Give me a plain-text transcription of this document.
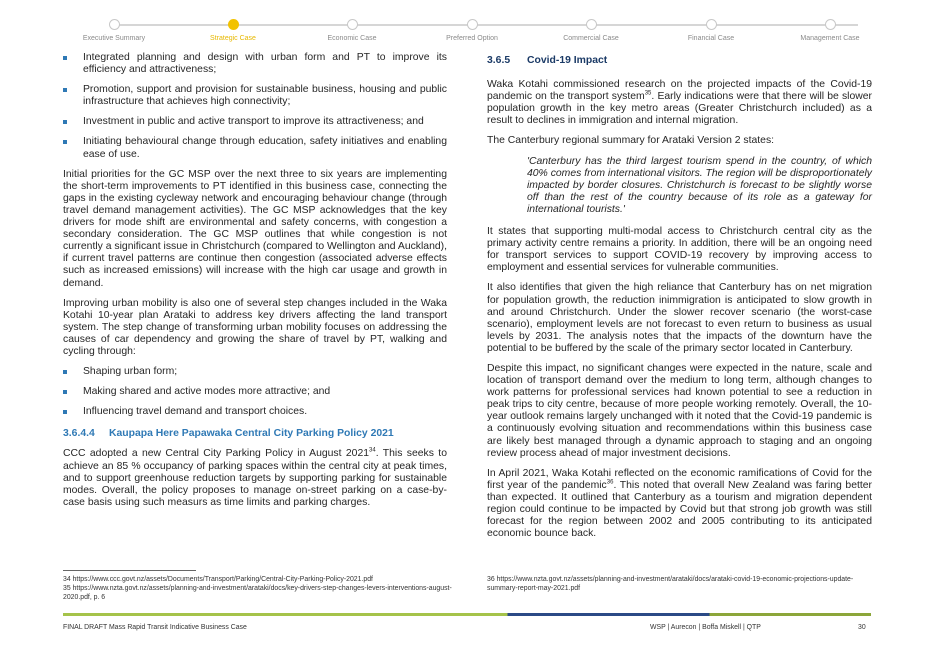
Executive Summary	Strategic Case	Economic Case	Preferred Option	Commercial Case	Financial Case	Management Case
Integrated planning and design with urban form and PT to improve its efficiency and attractiveness;
Promotion, support and provision for sustainable business, housing and public infrastructure that achieves high connectivity;
Investment in public and active transport to improve its attractiveness; and
Initiating behavioural change through education, safety initiatives and enabling ease of use.

Initial priorities for the GC MSP over the next three to six years are implementing the short-term improvements to PT identified in this business case, connecting the gaps in the existing cycleway network and encouraging behaviour change (through travel demand management activities). The GC MSP acknowledges that the key drivers for mode shift are environmental and safety concerns, with congestion a secondary consideration. The GC MSP outlines that while congestion is not currently a significant issue in Christchurch (compared to Wellington and Auckland), if current travel patterns are continue then congestion (associated adverse effects such as increased emissions) will increase with the high car usage and growth in demand.

Improving urban mobility is also one of several step changes included in the Waka Kotahi 10-year plan Arataki to address key drivers affecting the land transport system. The step change of transforming urban mobility focuses on addressing the causes of car dependency and growing the share of travel by PT, walking and cycling through:

Shaping urban form;
Making shared and active modes more attractive; and
Influencing travel demand and transport choices.
3.6.4.4 Kaupapa Here Papawaka Central City Parking Policy 2021

CCC adopted a new Central City Parking Policy in August 2021$^{34}$. This seeks to achieve an 85 % occupancy of parking spaces within the central city at peak times, and to support greenhouse reduction targets by supporting parking for sustainable modes. Overall, the policy proposes to manage on-street parking on a case-by-case basis using such measurs as time limits and parking charges.

3.6.5 Covid-19 Impact

Waka Kotahi commissioned research on the projected impacts of the Covid-19 pandemic on the transport system$^{35}$. Early indications were that there will be slower population growth in the key metro areas (Greater Christchurch included) as a result to declines in immigration and internal migration.

The Canterbury regional summary for Arataki Version 2 states:

'Canterbury has the third largest tourism spend in the country, of which 40% comes from international visitors. The region will be disproportionately impacted by border closures. Christchurch is forecast to be slightly worse off than the rest of the country because of its role as a gateway for international tourists.'

It states that supporting multi-modal access to Christchurch central city as the primary activity centre remains a priority. In addition, there will be an ongoing need for transport services to support COVID-19 recovery by improving access to employment and essential services for vulnerable communities.

It also identifies that given the high reliance that Canterbury has on net migration for population growth, the reduction inimmigration is anticipated to slow growth in and around Christchurch. Under the slower recover scenario (the worst-case scenario), employment levels are not forecast to even return to business as usual levels by 2031. The analysis notes that the impacts of the downturn have the potential to be buffered by the scale of the primary sector located in Canterbury.

Despite this impact, no significant changes were expected in the nature, scale and location of transport demand over the medium to long term, although changes to work patterns for professional services had known potential to see a reduction in peak trips to city centre, because of more people working remotely. Overall, the 10-year outlook remains largely unchanged with it noted that the Covid-19 pandemic is a continuously evolving situation and recommendations within this business case are likely best managed through a dynamic approach to staging and an ongoing review process ahead of major investment decisions.

In April 2021, Waka Kotahi reflected on the economic ramifications of Covid for the first year of the pandemic$^{36}$. This noted that overall New Zealand was faring better than expected. It outlined that Canterbury as a tourism and migration dependent region could continue to be impacted by Covid but that strong job growth was still forecast for the region between 2002 and 2005 contributing to its anticipated economic bounce back.

34 https://www.ccc.govt.nz/assets/Documents/Transport/Parking/Central-City-Parking-Policy-2021.pdf
35 https://www.nzta.govt.nz/assets/planning-and-investment/arataki/docs/key-drivers-step-changes-levers-interventions-august-2020.pdf, p. 6
36 https://www.nzta.govt.nz/assets/planning-and-investment/arataki/docs/arataki-covid-19-economic-projections-update-summary-report-may-2021.pdf
FINAL DRAFT Mass Rapid Transit Indicative Business Case	WSP | Aurecon | Boffa Miskell | QTP	30
